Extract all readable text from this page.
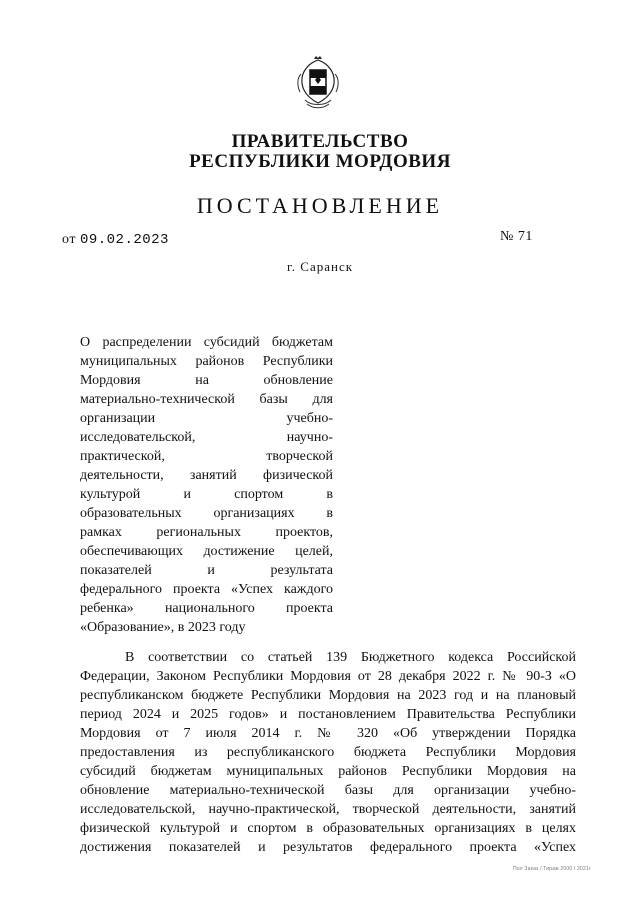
ПРАВИТЕЛЬСТВО
РЕСПУБЛИКИ МОРДОВИЯ
ПОСТАНОВЛЕНИЕ
от 09.02.2023	№ 71
г. Саранск
О распределении субсидий бюджетам
муниципальных районов Республики
Мордовия на обновление
материально-технической базы для
организации учебно-
исследовательской, научно-
практической, творческой
деятельности, занятий физической
культурой и спортом в
образовательных организациях в
рамках региональных проектов,
обеспечивающих достижение целей,
показателей и результата
федерального проекта «Успех каждого
ребенка» национального проекта
«Образование», в 2023 году
В соответствии со статьей 139 Бюджетного кодекса Российской
Федерации, Законом Республики Мордовия от 28 декабря 2022 г. № 90-З «О
республиканском бюджете Республики Мордовия на 2023 год и на плановый
период 2024 и 2025 годов» и постановлением Правительства Республики
Мордовия от 7 июля 2014 г. № 320 «Об утверждении Порядка
предоставления из республиканского бюджета Республики Мордовия
субсидий бюджетам муниципальных районов Республики Мордовия на
обновление материально-технической базы для организации учебно-
исследовательской, научно-практической, творческой деятельности, занятий
физической культурой и спортом в образовательных организациях в целях
достижения показателей и результатов федерального проекта «Успех
Пол Заказ / Тираж 2000 / 2021г
